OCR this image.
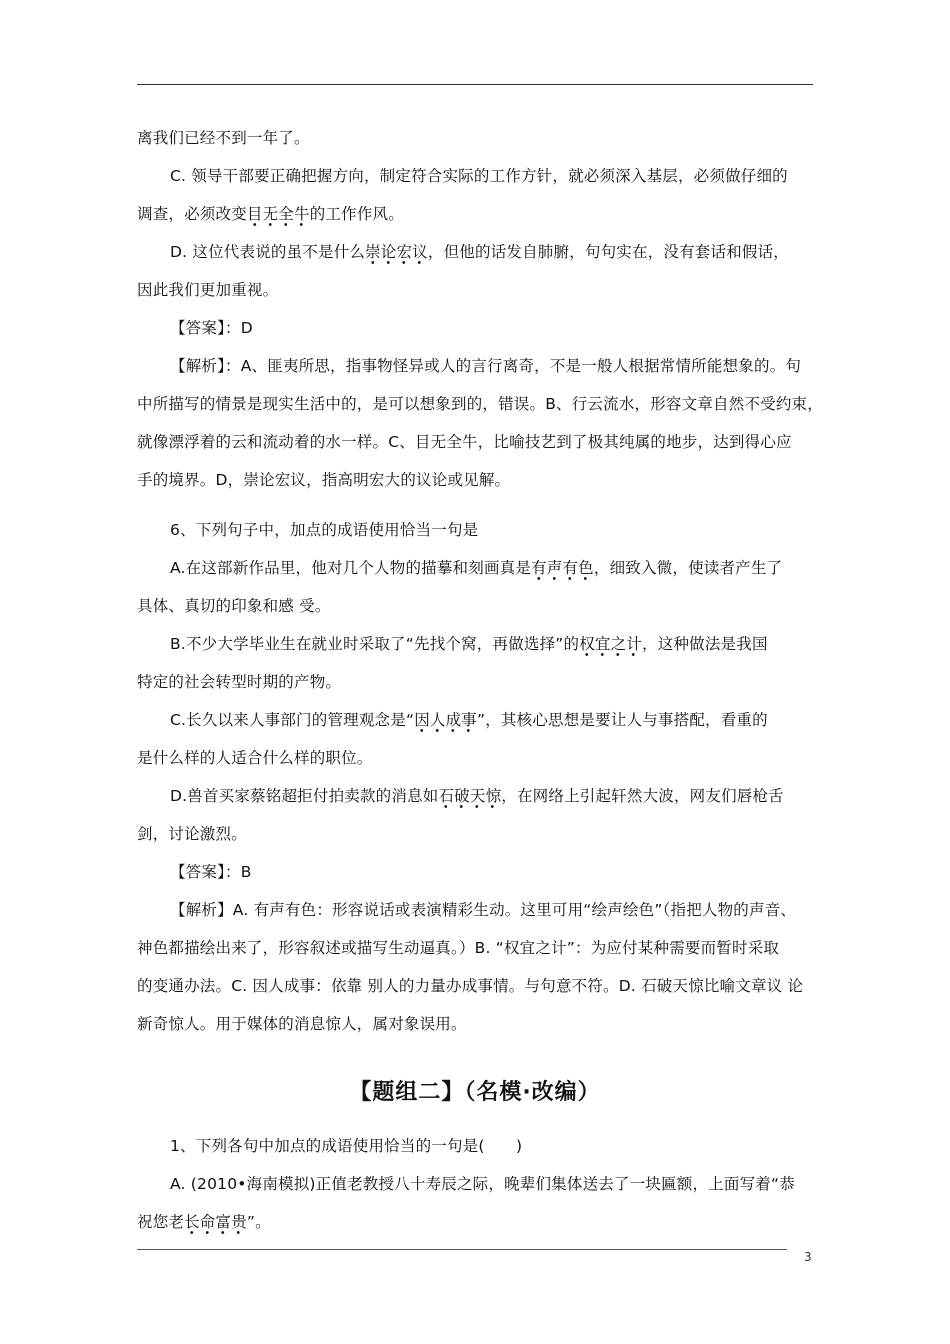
离我们已经不到一年了。
C. 领导干部要正确把握方向，制定符合实际的工作方针，就必须深入基层，必须做仔细的
调查，必须改变目无全牛的工作作风。
D. 这位代表说的虽不是什么崇论宏议，但他的话发自肺腑，句句实在，没有套话和假话，
因此我们更加重视。
【答案】：D
【解析】：A、匪夷所思，指事物怪异或人的言行离奇，不是一般人根据常情所能想象的。句
中所描写的情景是现实生活中的，是可以想象到的，错误。B、行云流水，形容文章自然不受约束，
就像漂浮着的云和流动着的水一样。C、目无全牛，比喻技艺到了极其纯属的地步，达到得心应
手的境界。D，崇论宏议，指高明宏大的议论或见解。
6、下列句子中，加点的成语使用恰当一句是
A.在这部新作品里，他对几个人物的描摹和刻画真是有声有色，细致入微，使读者产生了
具体、真切的印象和感 受。
B.不少大学毕业生在就业时采取了“先找个窝，再做选择”的权宜之计，这种做法是我国
特定的社会转型时期的产物。
C.长久以来人事部门的管理观念是“因人成事”，其核心思想是要让人与事搭配，看重的
是什么样的人适合什么样的职位。
D.兽首买家蔡铭超拒付拍卖款的消息如石破天惊，在网络上引起轩然大波，网友们唇枪舌
剑，讨论激烈。
【答案】：B
【解析】A. 有声有色：形容说话或表演精彩生动。这里可用“绘声绘色”（指把人物的声音、
神色都描绘出来了，形容叙述或描写生动逼真。）B. “权宜之计”：为应付某种需要而暂时采取
的变通办法。C. 因人成事：依靠 别人的力量办成事情。与句意不符。D. 石破天惊比喻文章议 论
新奇惊人。用于媒体的消息惊人，属对象误用。
【题组二】（名模·改编）
1、下列各句中加点的成语使用恰当的一句是(　　)
A. (2010•海南模拟)正值老教授八十寿辰之际，晚辈们集体送去了一块匾额，上面写着“恭
祝您老长命富贵”。
3
